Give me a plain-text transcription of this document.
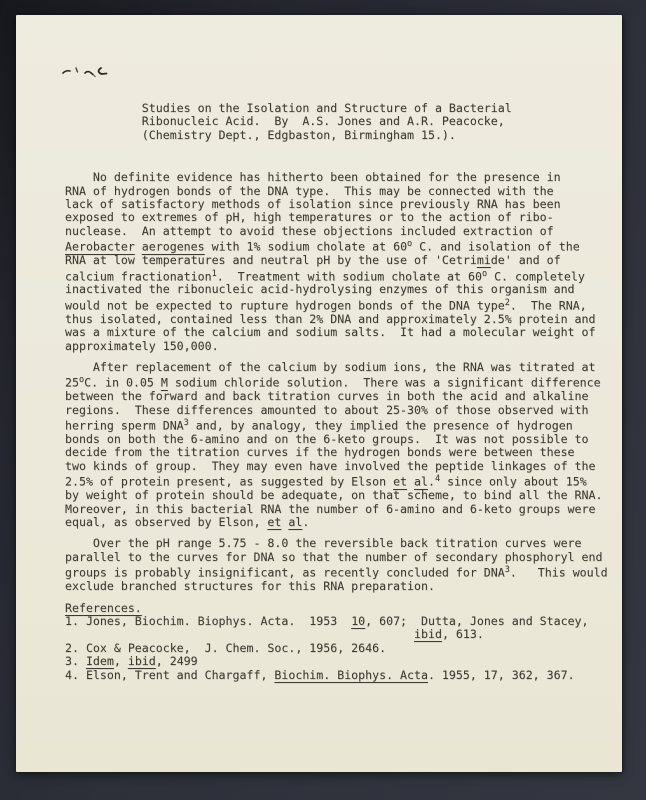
Studies on the Isolation and Structure of a Bacterial
Ribonucleic Acid.  By  A.S. Jones and A.R. Peacocke,
(Chemistry Dept., Edgbaston, Birmingham 15.).
No definite evidence has hitherto been obtained for the presence in
RNA of hydrogen bonds of the DNA type.  This may be connected with the
lack of satisfactory methods of isolation since previously RNA has been
exposed to extremes of pH, high temperatures or to the action of ribo-
nuclease.  An attempt to avoid these objections included extraction of
Aerobacter aerogenes with 1% sodium cholate at 60$^o$ C. and isolation of the
RNA at low temperatures and neutral pH by the use of 'Cetrimide' and of
calcium fractionation$^1$.  Treatment with sodium cholate at 60$^o$ C. completely
inactivated the ribonucleic acid-hydrolysing enzymes of this organism and
would not be expected to rupture hydrogen bonds of the DNA type$^2$.  The RNA,
thus isolated, contained less than 2% DNA and approximately 2.5% protein and
was a mixture of the calcium and sodium salts.  It had a molecular weight of
approximately 150,000.
After replacement of the calcium by sodium ions, the RNA was titrated at
25$^o$C. in 0.05 M sodium chloride solution.  There was a significant difference
between the forward and back titration curves in both the acid and alkaline
regions.  These differences amounted to about 25-30% of those observed with
herring sperm DNA$^3$ and, by analogy, they implied the presence of hydrogen
bonds on both the 6-amino and on the 6-keto groups.  It was not possible to
decide from the titration curves if the hydrogen bonds were between these
two kinds of group.  They may even have involved the peptide linkages of the
2.5% of protein present, as suggested by Elson et al.$^4$ since only about 15%
by weight of protein should be adequate, on that scheme, to bind all the RNA.
Moreover, in this bacterial RNA the number of 6-amino and 6-keto groups were
equal, as observed by Elson, et al.
Over the pH range 5.75 - 8.0 the reversible back titration curves were
parallel to the curves for DNA so that the number of secondary phosphoryl end
groups is probably insignificant, as recently concluded for DNA$^3$.   This would
exclude branched structures for this RNA preparation.
References.
1. Jones, Biochim. Biophys. Acta.  1953  10, 607;  Dutta, Jones and Stacey,
ibid, 613.
2. Cox & Peacocke,  J. Chem. Soc., 1956, 2646.
3. Idem, ibid, 2499
4. Elson, Trent and Chargaff, Biochim. Biophys. Acta. 1955, 17, 362, 367.
